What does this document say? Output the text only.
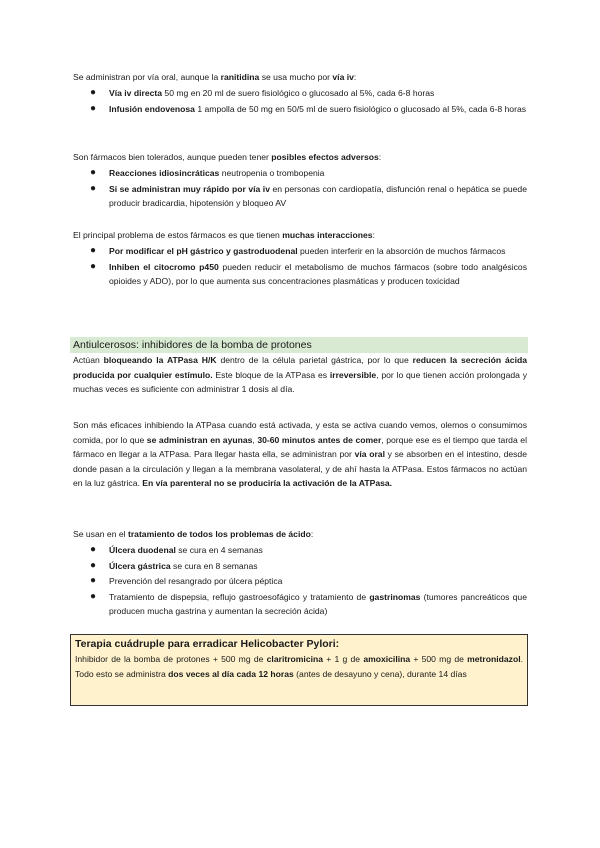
Se administran por vía oral, aunque la ranitidina se usa mucho por vía iv:

● Vía iv directa 50 mg en 20 ml de suero fisiológico o glucosado al 5%, cada 6-8 horas
● Infusión endovenosa 1 ampolla de 50 mg en 50/5 ml de suero fisiológico o glucosado al 5%, cada 6-8 horas

Son fármacos bien tolerados, aunque pueden tener posibles efectos adversos:

● Reacciones idiosincráticas neutropenia o trombopenia
● Si se administran muy rápido por vía iv en personas con cardiopatía, disfunción renal o hepática se puede producir bradicardia, hipotensión y bloqueo AV

El principal problema de estos fármacos es que tienen muchas interacciones:

● Por modificar el pH gástrico y gastroduodenal pueden interferir en la absorción de muchos fármacos
● Inhiben el citocromo p450 pueden reducir el metabolismo de muchos fármacos (sobre todo analgésicos opioides y ADO), por lo que aumenta sus concentraciones plasmáticas y producen toxicidad
Antiulcerosos: inhibidores de la bomba de protones

Actúan bloqueando la ATPasa H/K dentro de la célula parietal gástrica, por lo que reducen la secreción ácida producida por cualquier estímulo. Este bloque de la ATPasa es irreversible, por lo que tienen acción prolongada y muchas veces es suficiente con administrar 1 dosis al día.

Son más eficaces inhibiendo la ATPasa cuando está activada, y esta se activa cuando vemos, olemos o consumimos comida, por lo que se administran en ayunas, 30-60 minutos antes de comer, porque ese es el tiempo que tarda el fármaco en llegar a la ATPasa. Para llegar hasta ella, se administran por vía oral y se absorben en el intestino, desde donde pasan a la circulación y llegan a la membrana vasolateral, y de ahí hasta la ATPasa. Estos fármacos no actúan en la luz gástrica. En vía parenteral no se produciría la activación de la ATPasa.

Se usan en el tratamiento de todos los problemas de ácido:

● Úlcera duodenal se cura en 4 semanas
● Úlcera gástrica se cura en 8 semanas
● Prevención del resangrado por úlcera péptica
● Tratamiento de dispepsia, reflujo gastroesofágico y tratamiento de gastrinomas (tumores pancreáticos que producen mucha gastrina y aumentan la secreción ácida)
Terapia cuádruple para erradicar Helicobacter Pylori:
Inhibidor de la bomba de protones + 500 mg de claritromicina + 1 g de amoxicilina + 500 mg de metronidazol. Todo esto se administra dos veces al día cada 12 horas (antes de desayuno y cena), durante 14 días
